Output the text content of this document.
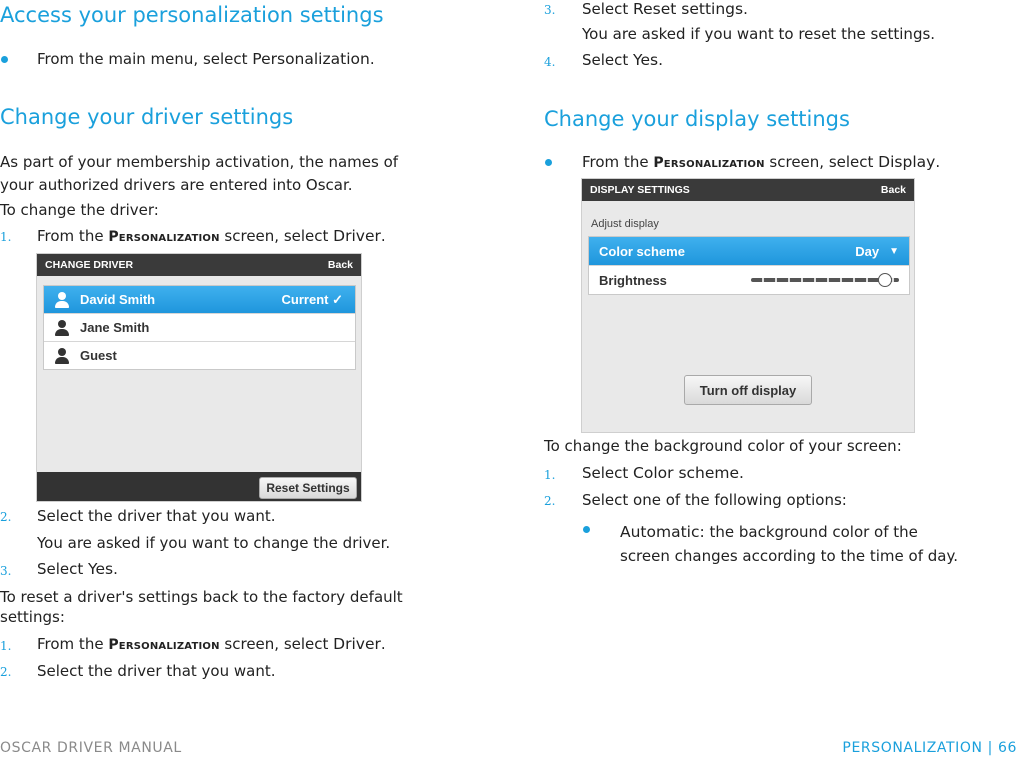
Access your personalization settings
From the main menu, select Personalization.
Change your driver settings
As part of your membership activation, the names of
your authorized drivers are entered into Oscar.
To change the driver:
1. From the Personalization screen, select Driver.
CHANGE DRIVER	Back
David Smith	Current ✓
Jane Smith
Guest
Reset Settings
2. Select the driver that you want.
You are asked if you want to change the driver.
3. Select Yes.
To reset a driver's settings back to the factory default
settings:
1. From the Personalization screen, select Driver.
2. Select the driver that you want.
3. Select Reset settings.
You are asked if you want to reset the settings.
4. Select Yes.
Change your display settings
From the Personalization screen, select Display.
DISPLAY SETTINGS	Back
Adjust display
Color scheme	Day ▼
Brightness
Turn off display
To change the background color of your screen:
1. Select Color scheme.
2. Select one of the following options:
Automatic: the background color of the
screen changes according to the time of day.
OSCAR DRIVER MANUAL	PERSONALIZATION | 66
